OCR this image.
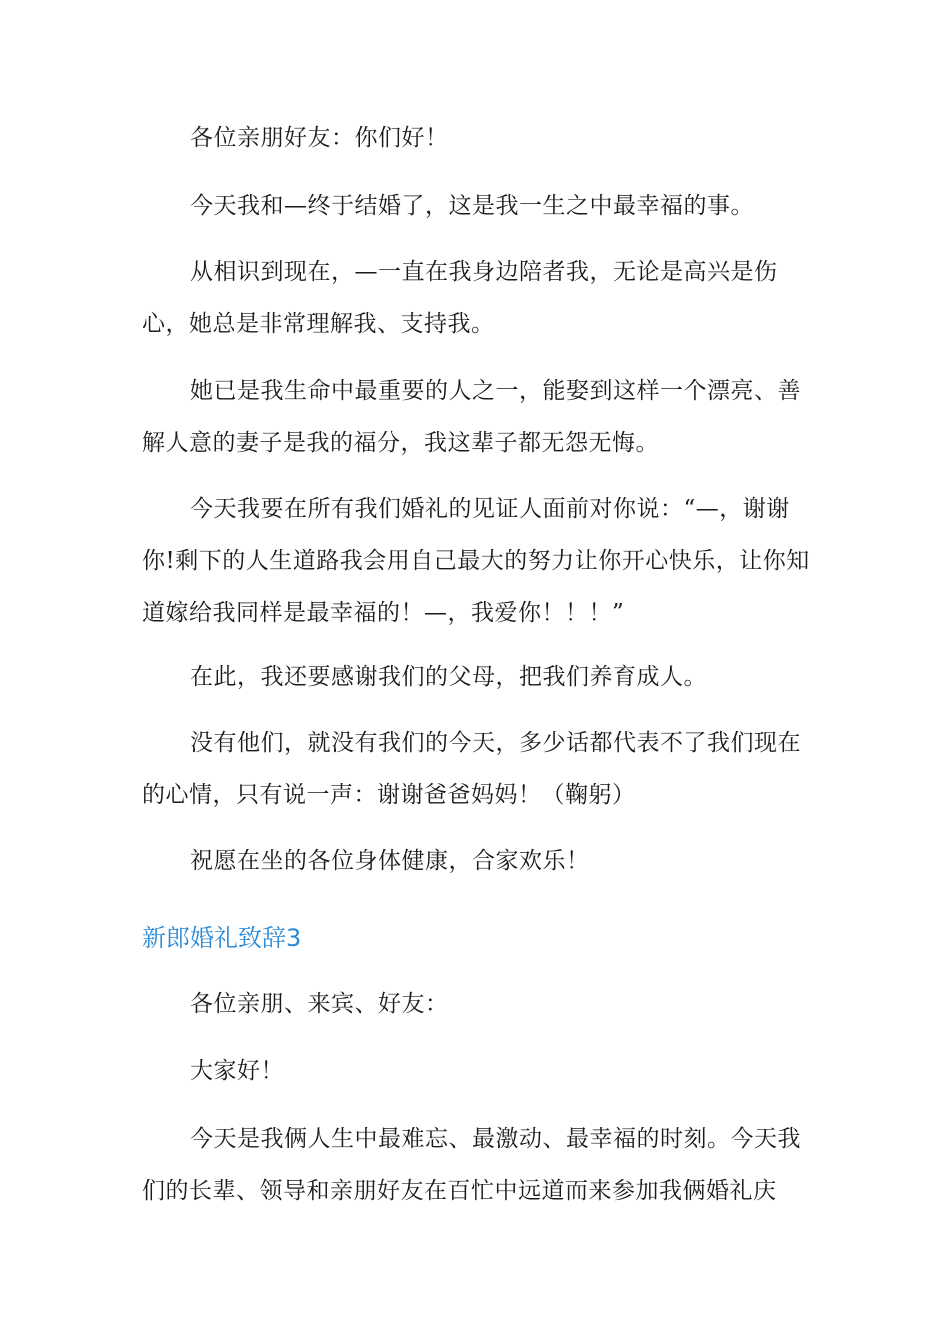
各位亲朋好友：你们好！

今天我和—终于结婚了，这是我一生之中最幸福的事。

从相识到现在，—一直在我身边陪者我，无论是高兴是伤心，她总是非常理解我、支持我。

她已是我生命中最重要的人之一，能娶到这样一个漂亮、善解人意的妻子是我的福分，我这辈子都无怨无悔。

今天我要在所有我们婚礼的见证人面前对你说：“—，谢谢你!剩下的人生道路我会用自己最大的努力让你开心快乐，让你知道嫁给我同样是最幸福的！—，我爱你！！！”

在此，我还要感谢我们的父母，把我们养育成人。

没有他们，就没有我们的今天，多少话都代表不了我们现在的心情，只有说一声：谢谢爸爸妈妈！（鞠躬）

祝愿在坐的各位身体健康，合家欢乐！

新郎婚礼致辞3

各位亲朋、来宾、好友：

大家好！

今天是我俩人生中最难忘、最激动、最幸福的时刻。今天我们的长辈、领导和亲朋好友在百忙中远道而来参加我俩婚礼庆
